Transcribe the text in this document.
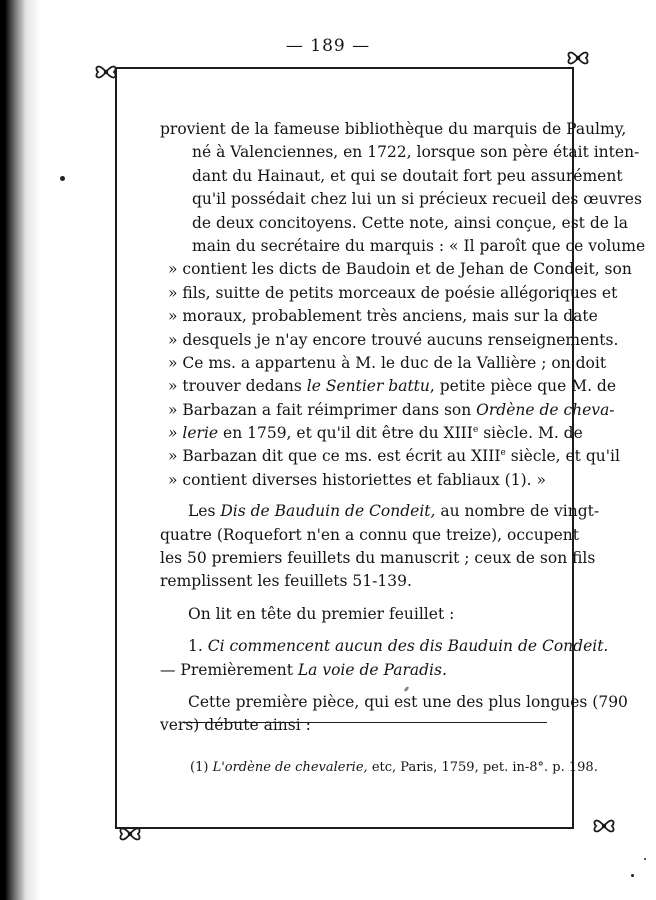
— 189 —
provient de la fameuse bibliothèque du marquis de Paulmy,
né à Valenciennes, en 1722, lorsque son père était inten-
dant du Hainaut, et qui se doutait fort peu assurément
qu'il possédait chez lui un si précieux recueil des œuvres
de deux concitoyens. Cette note, ainsi conçue, est de la
main du secrétaire du marquis : « Il paroît que ce volume
» contient les dicts de Baudoin et de Jehan de Condeit, son
» fils, suitte de petits morceaux de poésie allégoriques et
» moraux, probablement très anciens, mais sur la date
» desquels je n'ay encore trouvé aucuns renseignements.
» Ce ms. a appartenu à M. le duc de la Vallière ; on doit
» trouver dedans le Sentier battu, petite pièce que M. de
» Barbazan a fait réimprimer dans son Ordène de cheva-
» lerie en 1759, et qu'il dit être du XIIIe siècle. M. de
» Barbazan dit que ce ms. est écrit au XIIIe siècle, et qu'il
» contient diverses historiettes et fabliaux (1). »
Les Dis de Bauduin de Condeit, au nombre de vingt-
quatre (Roquefort n'en a connu que treize), occupent
les 50 premiers feuillets du manuscrit ; ceux de son fils
remplissent les feuillets 51-139.
On lit en tête du premier feuillet :
1. Ci commencent aucun des dis Bauduin de Condeit.
— Premièrement La voie de Paradis.
Cette première pièce, qui est une des plus longues (790
vers) débute ainsi :
(1) L'ordène de chevalerie, etc, Paris, 1759, pet. in-8°. p. 198.
